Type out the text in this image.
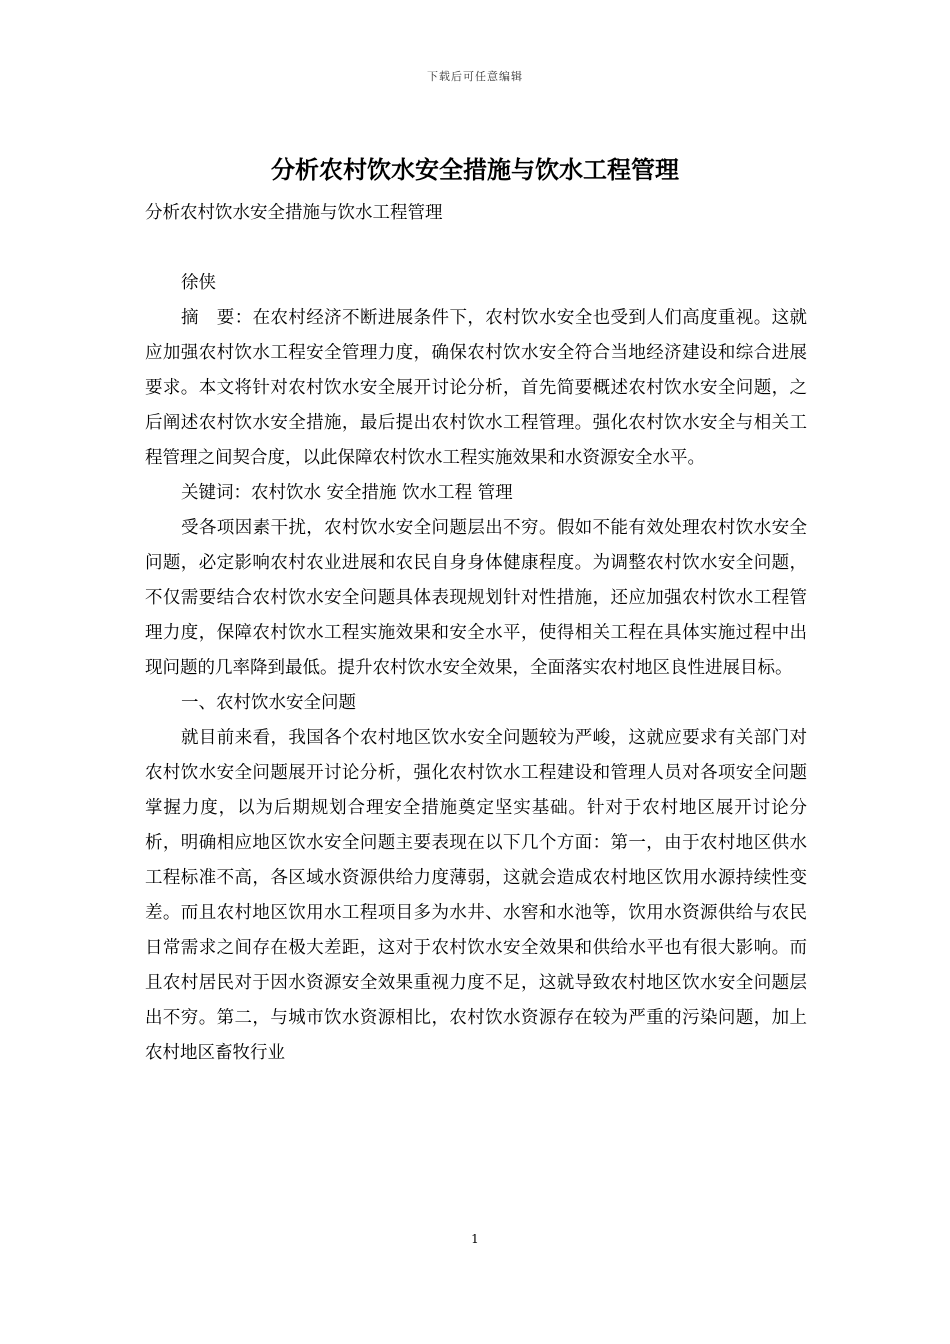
下载后可任意编辑
分析农村饮水安全措施与饮水工程管理

分析农村饮水安全措施与饮水工程管理

徐侠

摘　要：在农村经济不断进展条件下，农村饮水安全也受到人们高度重视。这就应加强农村饮水工程安全管理力度，确保农村饮水安全符合当地经济建设和综合进展要求。本文将针对农村饮水安全展开讨论分析，首先简要概述农村饮水安全问题，之后阐述农村饮水安全措施，最后提出农村饮水工程管理。强化农村饮水安全与相关工程管理之间契合度，以此保障农村饮水工程实施效果和水资源安全水平。

关键词：农村饮水 安全措施 饮水工程 管理

受各项因素干扰，农村饮水安全问题层出不穷。假如不能有效处理农村饮水安全问题，必定影响农村农业进展和农民自身身体健康程度。为调整农村饮水安全问题，不仅需要结合农村饮水安全问题具体表现规划针对性措施，还应加强农村饮水工程管理力度，保障农村饮水工程实施效果和安全水平，使得相关工程在具体实施过程中出现问题的几率降到最低。提升农村饮水安全效果，全面落实农村地区良性进展目标。

一、农村饮水安全问题

就目前来看，我国各个农村地区饮水安全问题较为严峻，这就应要求有关部门对农村饮水安全问题展开讨论分析，强化农村饮水工程建设和管理人员对各项安全问题掌握力度，以为后期规划合理安全措施奠定坚实基础。针对于农村地区展开讨论分析，明确相应地区饮水安全问题主要表现在以下几个方面：第一，由于农村地区供水工程标准不高，各区域水资源供给力度薄弱，这就会造成农村地区饮用水源持续性变差。而且农村地区饮用水工程项目多为水井、水窖和水池等，饮用水资源供给与农民日常需求之间存在极大差距，这对于农村饮水安全效果和供给水平也有很大影响。而且农村居民对于因水资源安全效果重视力度不足，这就导致农村地区饮水安全问题层出不穷。第二，与城市饮水资源相比，农村饮水资源存在较为严重的污染问题，加上农村地区畜牧行业

1
